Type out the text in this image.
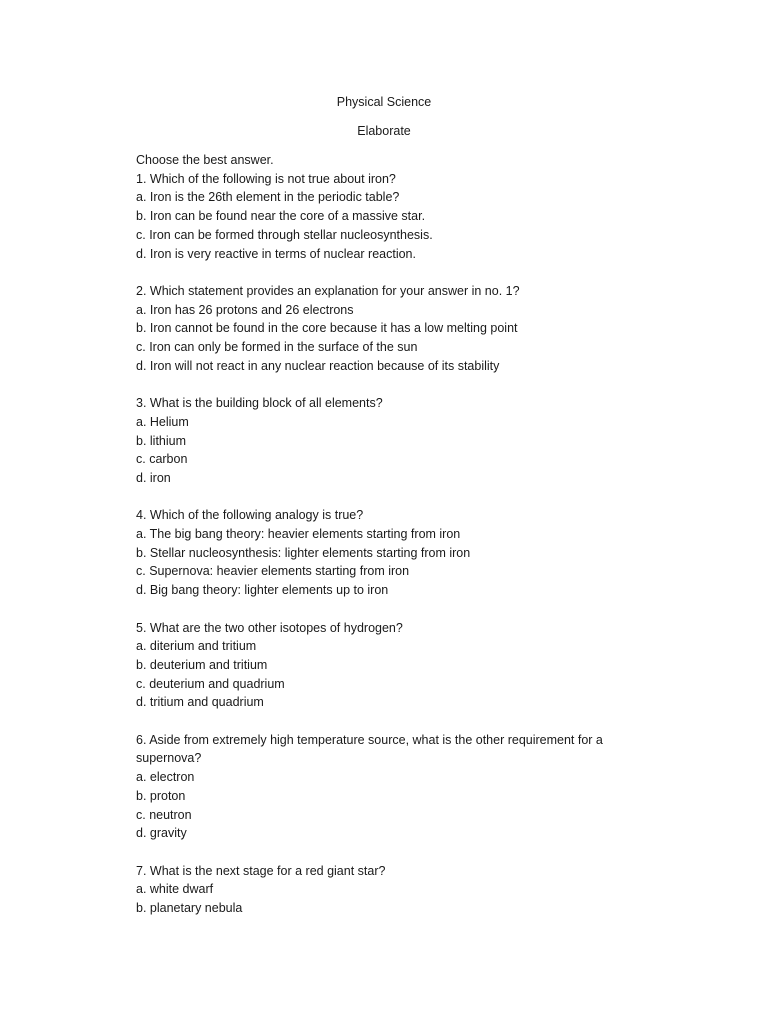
Physical Science
Elaborate
Choose the best answer.
1. Which of the following is not true about iron?
a. Iron is the 26th element in the periodic table?
b. Iron can be found near the core of a massive star.
c. Iron can be formed through stellar nucleosynthesis.
d. Iron is very reactive in terms of nuclear reaction.
2. Which statement provides an explanation for your answer in no. 1?
a. Iron has 26 protons and 26 electrons
b. Iron cannot be found in the core because it has a low melting point
c. Iron can only be formed in the surface of the sun
d. Iron will not react in any nuclear reaction because of its stability
3. What is the building block of all elements?
a. Helium
b. lithium
c. carbon
d. iron
4. Which of the following analogy is true?
a. The big bang theory: heavier elements starting from iron
b. Stellar nucleosynthesis: lighter elements starting from iron
c. Supernova: heavier elements starting from iron
d. Big bang theory: lighter elements up to iron
5. What are the two other isotopes of hydrogen?
a. diterium and tritium
b. deuterium and tritium
c. deuterium and quadrium
d. tritium and quadrium
6. Aside from extremely high temperature source, what is the other requirement for a supernova?
a. electron
b. proton
c. neutron
d. gravity
7. What is the next stage for a red giant star?
a. white dwarf
b. planetary nebula
